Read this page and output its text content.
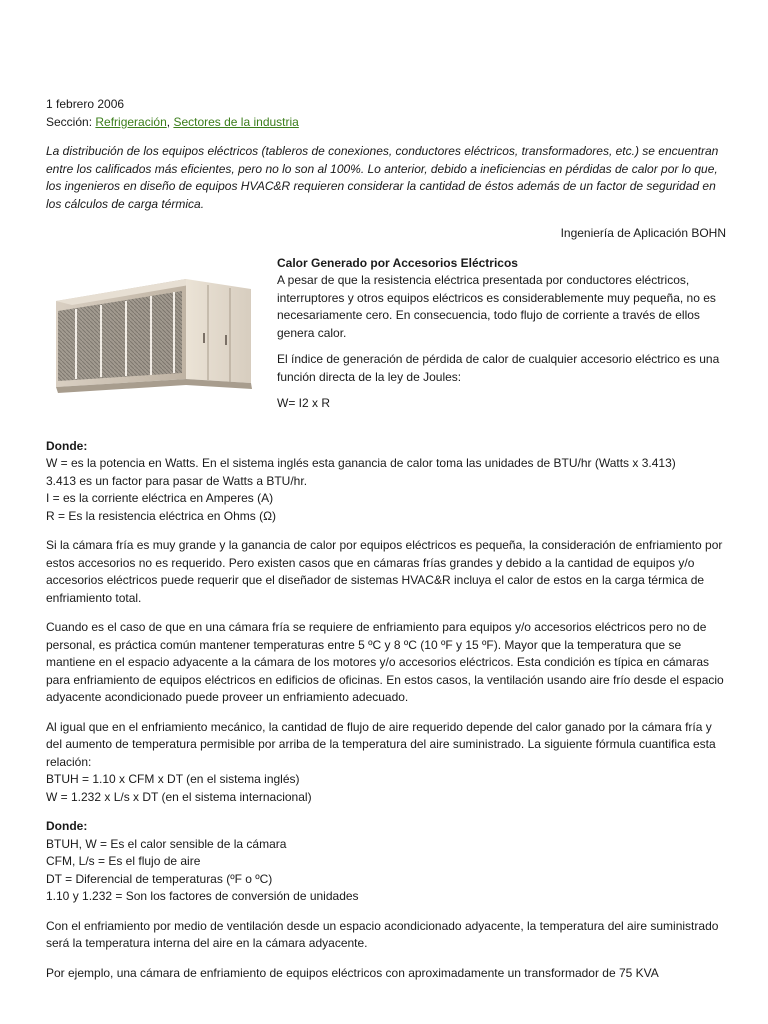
1 febrero 2006

Sección: Refrigeración, Sectores de la industria

La distribución de los equipos eléctricos (tableros de conexiones, conductores eléctricos, transformadores, etc.) se encuentran entre los calificados más eficientes, pero no lo son al 100%. Lo anterior, debido a ineficiencias en pérdidas de calor por lo que, los ingenieros en diseño de equipos HVAC&R requieren considerar la cantidad de éstos además de un factor de seguridad en los cálculos de carga térmica.

Ingeniería de Aplicación BOHN

Calor Generado por Accesorios Eléctricos

A pesar de que la resistencia eléctrica presentada por conductores eléctricos, interruptores y otros equipos eléctricos es considerablemente muy pequeña, no es necesariamente cero. En consecuencia, todo flujo de corriente a través de ellos genera calor.

El índice de generación de pérdida de calor de cualquier accesorio eléctrico es una función directa de la ley de Joules:

W= I2 x R

Donde:
W = es la potencia en Watts. En el sistema inglés esta ganancia de calor toma las unidades de BTU/hr (Watts x 3.413)
3.413 es un factor para pasar de Watts a BTU/hr.
I = es la corriente eléctrica en Amperes (A)
R = Es la resistencia eléctrica en Ohms (Ω)

Si la cámara fría es muy grande y la ganancia de calor por equipos eléctricos es pequeña, la consideración de enfriamiento por estos accesorios no es requerido. Pero existen casos que en cámaras frías grandes y debido a la cantidad de equipos y/o accesorios eléctricos puede requerir que el diseñador de sistemas HVAC&R incluya el calor de estos en la carga térmica de enfriamiento total.

Cuando es el caso de que en una cámara fría se requiere de enfriamiento para equipos y/o accesorios eléctricos pero no de personal, es práctica común mantener temperaturas entre 5 ºC y 8 ºC (10 ºF y 15 ºF). Mayor que la temperatura que se mantiene en el espacio adyacente a la cámara de los motores y/o accesorios eléctricos. Esta condición es típica en cámaras para enfriamiento de equipos eléctricos en edificios de oficinas. En estos casos, la ventilación usando aire frío desde el espacio adyacente acondicionado puede proveer un enfriamiento adecuado.

Al igual que en el enfriamiento mecánico, la cantidad de flujo de aire requerido depende del calor ganado por la cámara fría y del aumento de temperatura permisible por arriba de la temperatura del aire suministrado. La siguiente fórmula cuantifica esta relación:

BTUH = 1.10 x CFM x DT (en el sistema inglés)
W = 1.232 x L/s x DT (en el sistema internacional)
Donde:
BTUH, W = Es el calor sensible de la cámara
CFM, L/s = Es el flujo de aire
DT = Diferencial de temperaturas (ºF o ºC)
1.10 y 1.232 = Son los factores de conversión de unidades

Con el enfriamiento por medio de ventilación desde un espacio acondicionado adyacente, la temperatura del aire suministrado será la temperatura interna del aire en la cámara adyacente.

Por ejemplo, una cámara de enfriamiento de equipos eléctricos con aproximadamente un transformador de 75 KVA
